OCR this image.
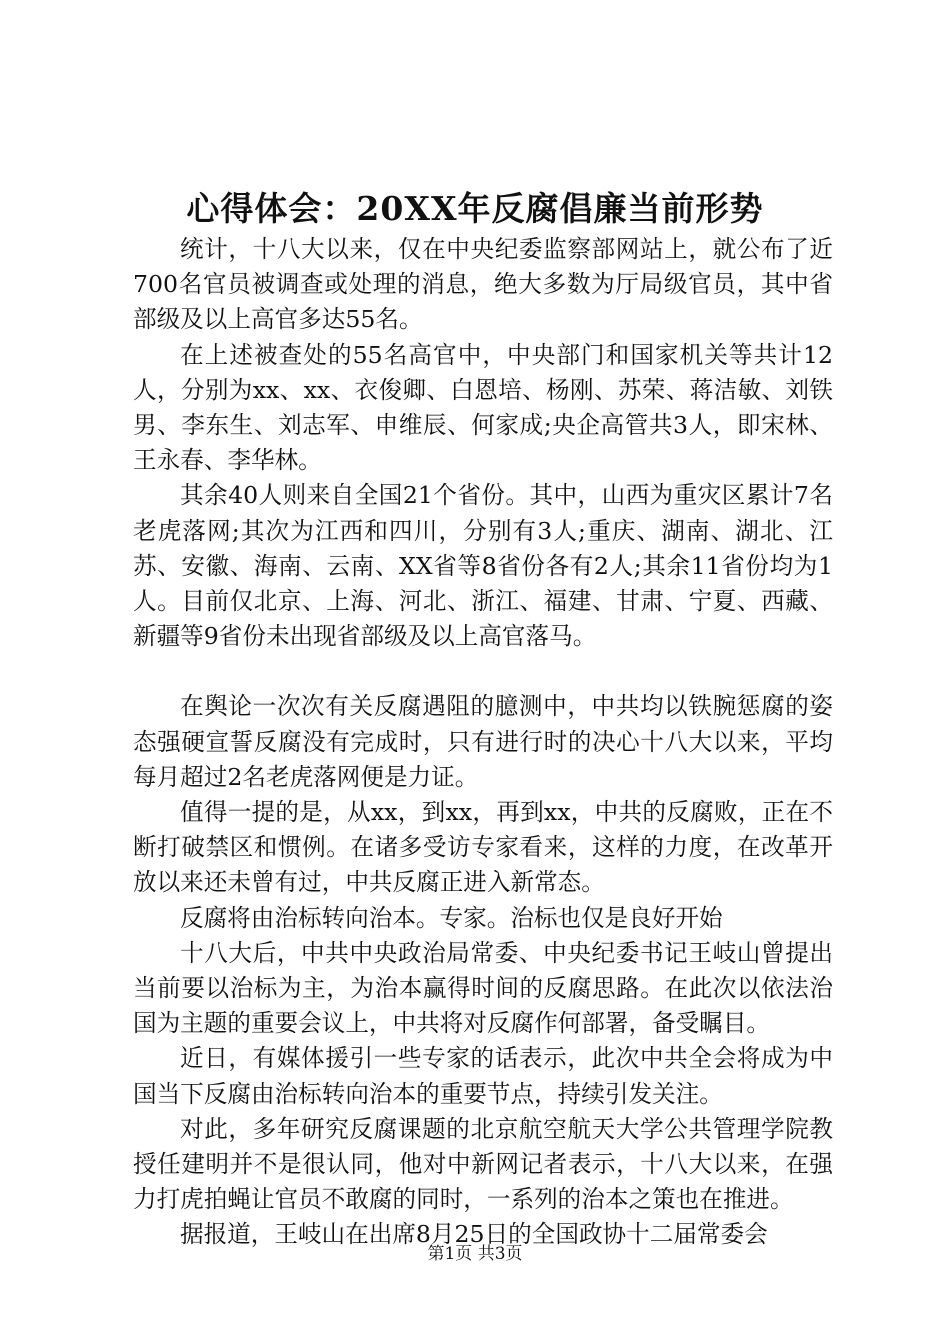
心得体会：20XX年反腐倡廉当前形势

统计，十八大以来，仅在中央纪委监察部网站上，就公布了近700名官员被调查或处理的消息，绝大多数为厅局级官员，其中省部级及以上高官多达55名。

在上述被查处的55名高官中，中央部门和国家机关等共计12人，分别为xx、xx、衣俊卿、白恩培、杨刚、苏荣、蒋洁敏、刘铁男、李东生、刘志军、申维辰、何家成;央企高管共3人，即宋林、王永春、李华林。

其余40人则来自全国21个省份。其中，山西为重灾区累计7名老虎落网;其次为江西和四川，分别有3人;重庆、湖南、湖北、江苏、安徽、海南、云南、XX省等8省份各有2人;其余11省份均为1人。目前仅北京、上海、河北、浙江、福建、甘肃、宁夏、西藏、新疆等9省份未出现省部级及以上高官落马。

在舆论一次次有关反腐遇阻的臆测中，中共均以铁腕惩腐的姿态强硬宣誓反腐没有完成时，只有进行时的决心十八大以来，平均每月超过2名老虎落网便是力证。

值得一提的是，从xx，到xx，再到xx，中共的反腐败，正在不断打破禁区和惯例。在诸多受访专家看来，这样的力度，在改革开放以来还未曾有过，中共反腐正进入新常态。

反腐将由治标转向治本。专家。治标也仅是良好开始

十八大后，中共中央政治局常委、中央纪委书记王岐山曾提出当前要以治标为主，为治本赢得时间的反腐思路。在此次以依法治国为主题的重要会议上，中共将对反腐作何部署，备受瞩目。

近日，有媒体援引一些专家的话表示，此次中共全会将成为中国当下反腐由治标转向治本的重要节点，持续引发关注。

对此，多年研究反腐课题的北京航空航天大学公共管理学院教授任建明并不是很认同，他对中新网记者表示，十八大以来，在强力打虎拍蝇让官员不敢腐的同时，一系列的治本之策也在推进。

据报道，王岐山在出席8月25日的全国政协十二届常委会

第1页 共3页
